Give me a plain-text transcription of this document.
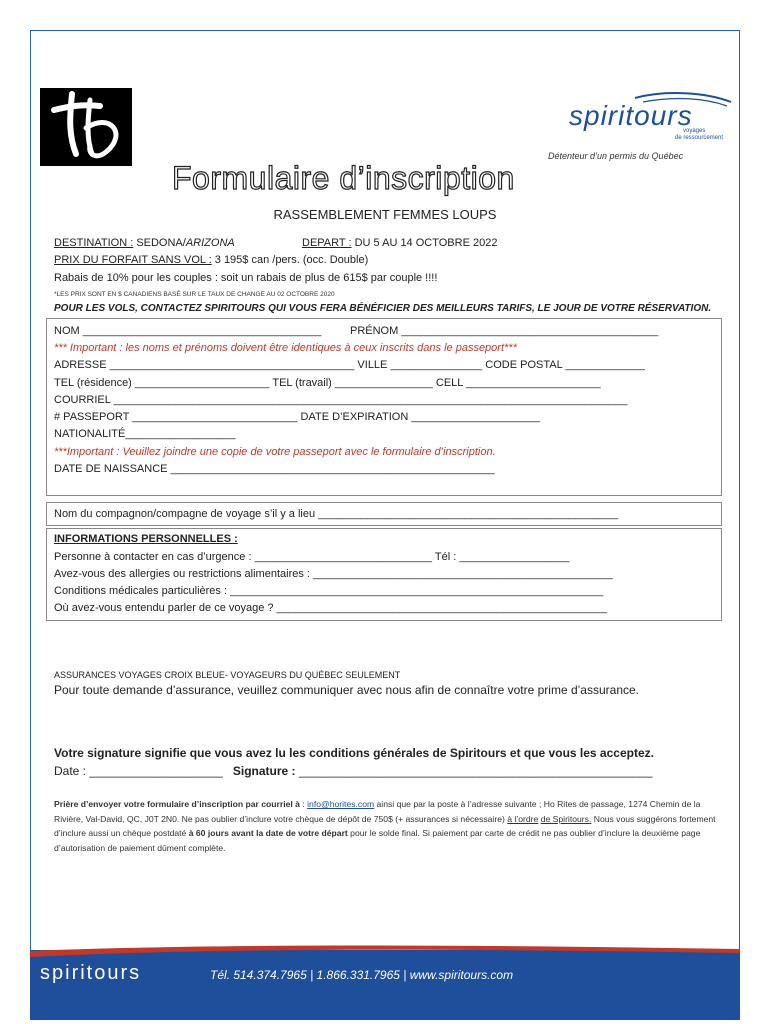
spiritours
voyages
de ressourcement
Détenteur d’un permis du Québec
Formulaire d’inscription
RASSEMBLEMENT FEMMES LOUPS
DESTINATION : SEDONA/ARIZONA	DEPART : DU 5 AU 14 OCTOBRE 2022
PRIX DU FORFAIT SANS VOL : 3 195$ can /pers. (occ. Double)
Rabais de 10% pour les couples : soit un rabais de plus de 615$ par couple !!!!
*LES PRIX SONT EN $ CANADIENS BASÉ SUR LE TAUX DE CHANGE AU 02 OCTOBRE 2020
POUR LES VOLS, CONTACTEZ SPIRITOURS QUI VOUS FERA BÉNÉFICIER DES MEILLEURS TARIFS, LE JOUR DE VOTRE RÉSERVATION.
NOM _______________________________________	PRÉNOM __________________________________________
*** Important : les noms et prénoms doivent être identiques à ceux inscrits dans le passeport***
ADRESSE ________________________________________ VILLE _______________ CODE POSTAL _____________
TEL (résidence) ______________________ TEL (travail) ________________ CELL ______________________
COURRIEL ____________________________________________________________________________________
# PASSEPORT ___________________________ DATE D’EXPIRATION _____________________
NATIONALITÉ__________________
***Important : Veuillez joindre une copie de votre passeport avec le formulaire d’inscription.
DATE DE NAISSANCE _____________________________________________________
Nom du compagnon/compagne de voyage s’il y a lieu _________________________________________________
INFORMATIONS PERSONNELLES :
Personne à contacter en cas d’urgence : _____________________________ Tél : __________________
Avez-vous des allergies ou restrictions alimentaires : _________________________________________________
Conditions médicales particulières : _____________________________________________________________
Où avez-vous entendu parler de ce voyage ? ______________________________________________________
ASSURANCES VOYAGES CROIX BLEUE- VOYAGEURS DU QUÉBEC SEULEMENT
Pour toute demande d’assurance, veuillez communiquer avec nous afin de connaître votre prime d’assurance.
Votre signature signifie que vous avez lu les conditions générales de Spiritours et que vous les acceptez.
Date : ____________________ Signature : _____________________________________________________
Prière d’envoyer votre formulaire d’inscription par courriel à : info@horites.com ainsi que par la poste à l’adresse suivante ; Ho Rites de passage, 1274 Chemin de la Rivière, Val-David, QC, J0T 2N0. Ne pas oublier d’inclure votre chèque de dépôt de 750$ (+ assurances si nécessaire) à l’ordre de Spiritours. Nous vous suggérons fortement d’inclure aussi un chèque postdaté à 60 jours avant la date de votre départ pour le solde final. Si paiement par carte de crédit ne pas oublier d’inclure la deuxième page d’autorisation de paiement dûment complète.
spiritours	Tél. 514.374.7965 | 1.866.331.7965 | www.spiritours.com
